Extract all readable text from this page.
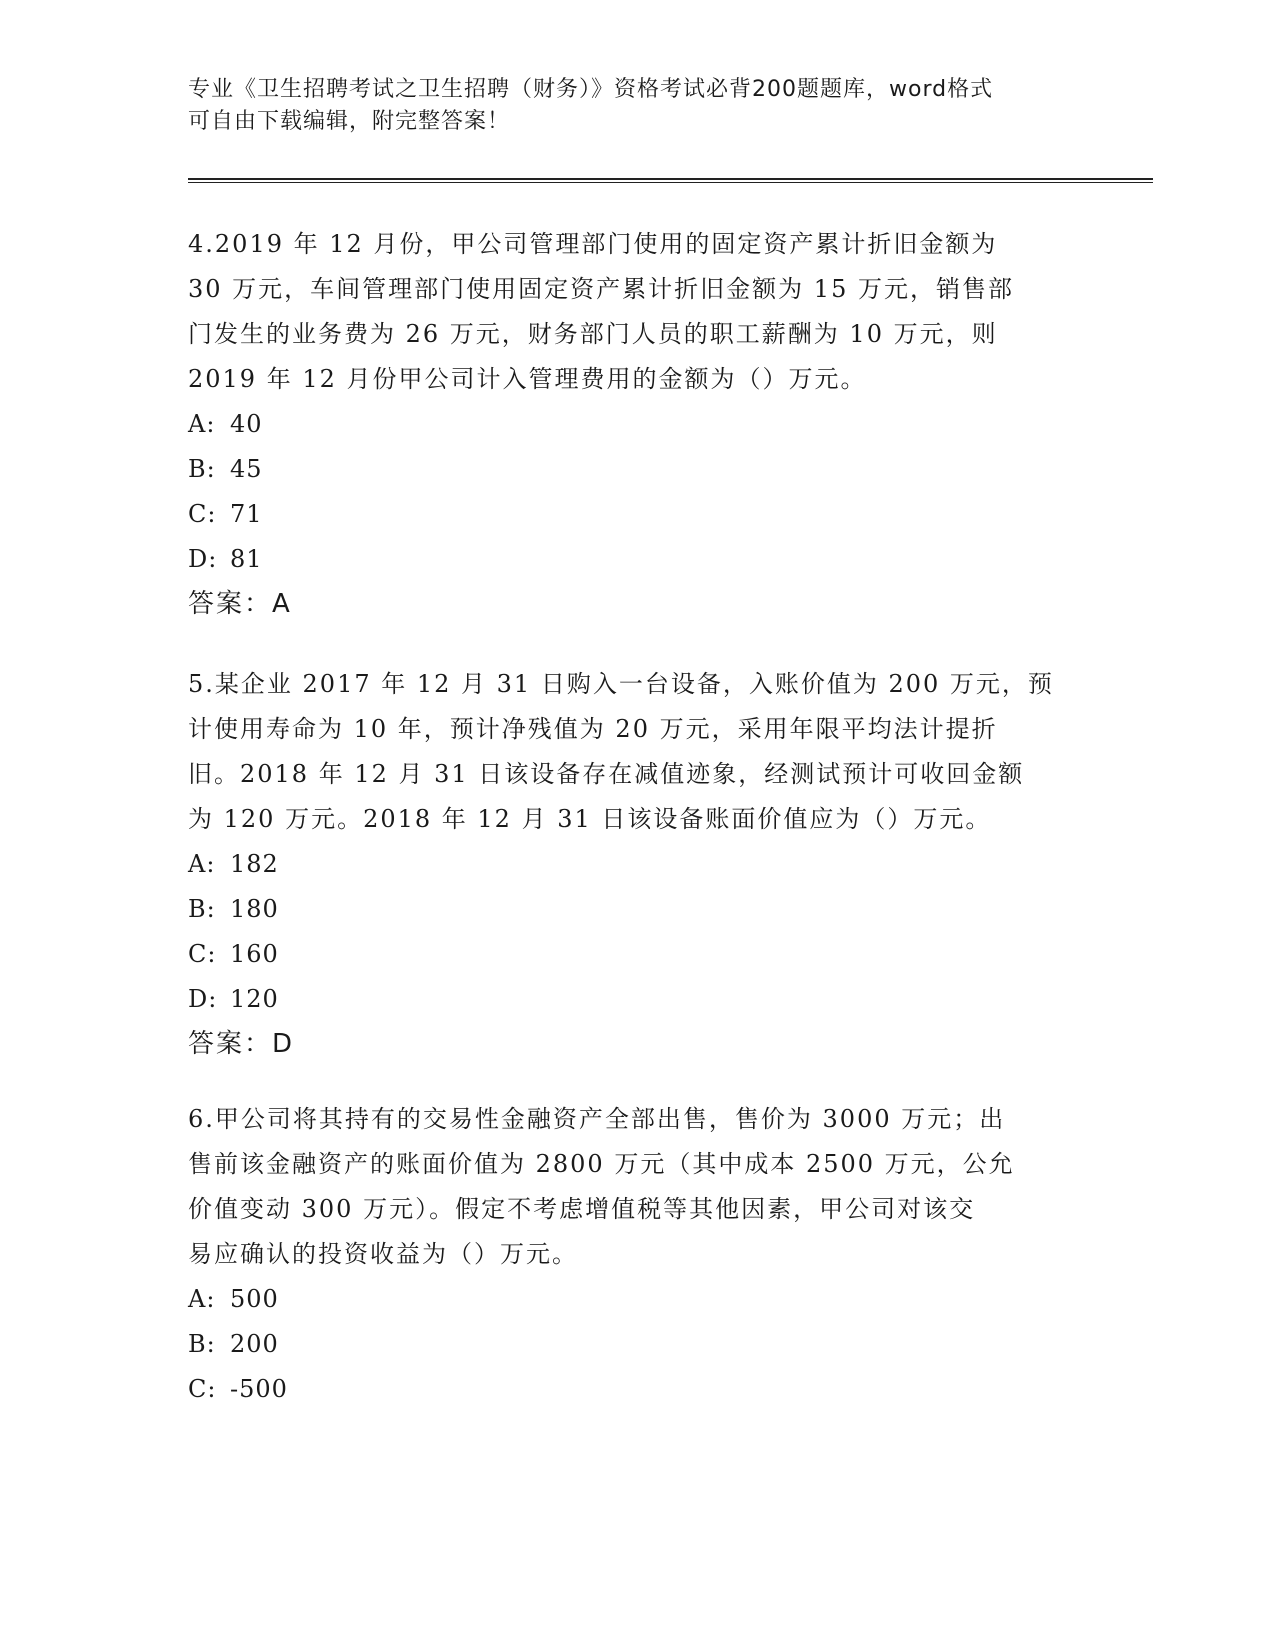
专业《卫生招聘考试之卫生招聘（财务）》资格考试必背200题题库，word格式
可自由下载编辑，附完整答案！

4.2019 年 12 月份，甲公司管理部门使用的固定资产累计折旧金额为

30 万元，车间管理部门使用固定资产累计折旧金额为 15 万元，销售部

门发生的业务费为 26 万元，财务部门人员的职工薪酬为 10 万元，则

2019 年 12 月份甲公司计入管理费用的金额为（）万元。

A: 40

B: 45

C: 71

D: 81

答案：A

5.某企业 2017 年 12 月 31 日购入一台设备，入账价值为 200 万元，预

计使用寿命为 10 年，预计净残值为 20 万元，采用年限平均法计提折

旧。2018 年 12 月 31 日该设备存在减值迹象，经测试预计可收回金额

为 120 万元。2018 年 12 月 31 日该设备账面价值应为（）万元。

A: 182

B: 180

C: 160

D: 120

答案：D

6.甲公司将其持有的交易性金融资产全部出售，售价为 3000 万元；出

售前该金融资产的账面价值为 2800 万元（其中成本 2500 万元，公允

价值变动 300 万元）。假定不考虑增值税等其他因素，甲公司对该交

易应确认的投资收益为（）万元。

A: 500

B: 200

C: -500
